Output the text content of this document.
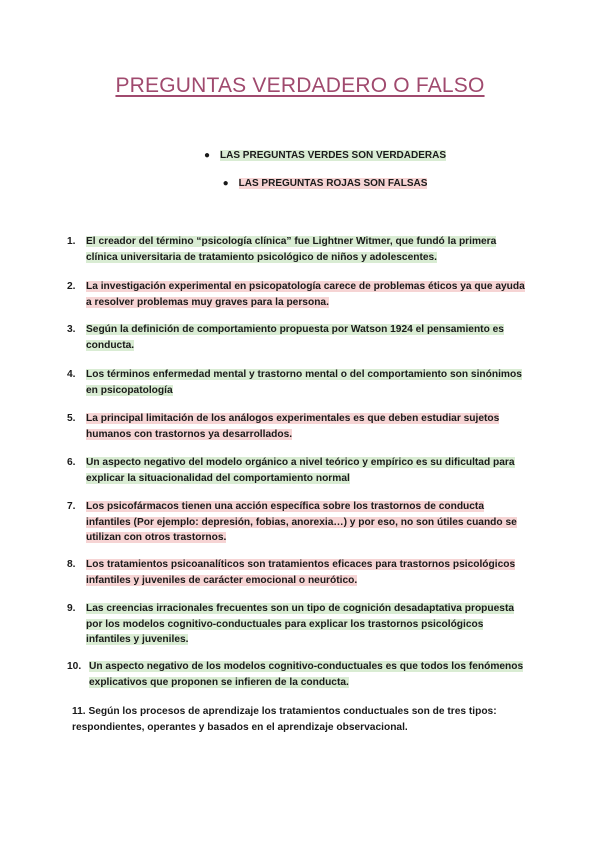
PREGUNTAS VERDADERO O FALSO
● LAS PREGUNTAS VERDES SON VERDADERAS
● LAS PREGUNTAS ROJAS SON FALSAS
1.	El creador del término “psicología clínica” fue Lightner Witmer, que fundó la primera clínica universitaria de tratamiento psicológico de niños y adolescentes.
2.	La investigación experimental en psicopatología carece de problemas éticos ya que ayuda a resolver problemas muy graves para la persona.
3.	Según la definición de comportamiento propuesta por Watson 1924 el pensamiento es conducta.
4.	Los términos enfermedad mental y trastorno mental o del comportamiento son sinónimos en psicopatología
5.	La principal limitación de los análogos experimentales es que deben estudiar sujetos humanos con trastornos ya desarrollados.
6.	Un aspecto negativo del modelo orgánico a nivel teórico y empírico es su dificultad para explicar la situacionalidad del comportamiento normal
7.	Los psicofármacos tienen una acción específica sobre los trastornos de conducta infantiles (Por ejemplo: depresión, fobias, anorexia…) y por eso, no son útiles cuando se utilizan con otros trastornos.
8.	Los tratamientos psicoanalíticos son tratamientos eficaces para trastornos psicológicos infantiles y juveniles de carácter emocional o neurótico.
9.	Las creencias irracionales frecuentes son un tipo de cognición desadaptativa propuesta por los modelos cognitivo-conductuales para explicar los trastornos psicológicos infantiles y juveniles.
10. Un aspecto negativo de los modelos cognitivo-conductuales es que todos los fenómenos explicativos que proponen se infieren de la conducta.
11. Según los procesos de aprendizaje los tratamientos conductuales son de tres tipos: respondientes, operantes y basados en el aprendizaje observacional.
